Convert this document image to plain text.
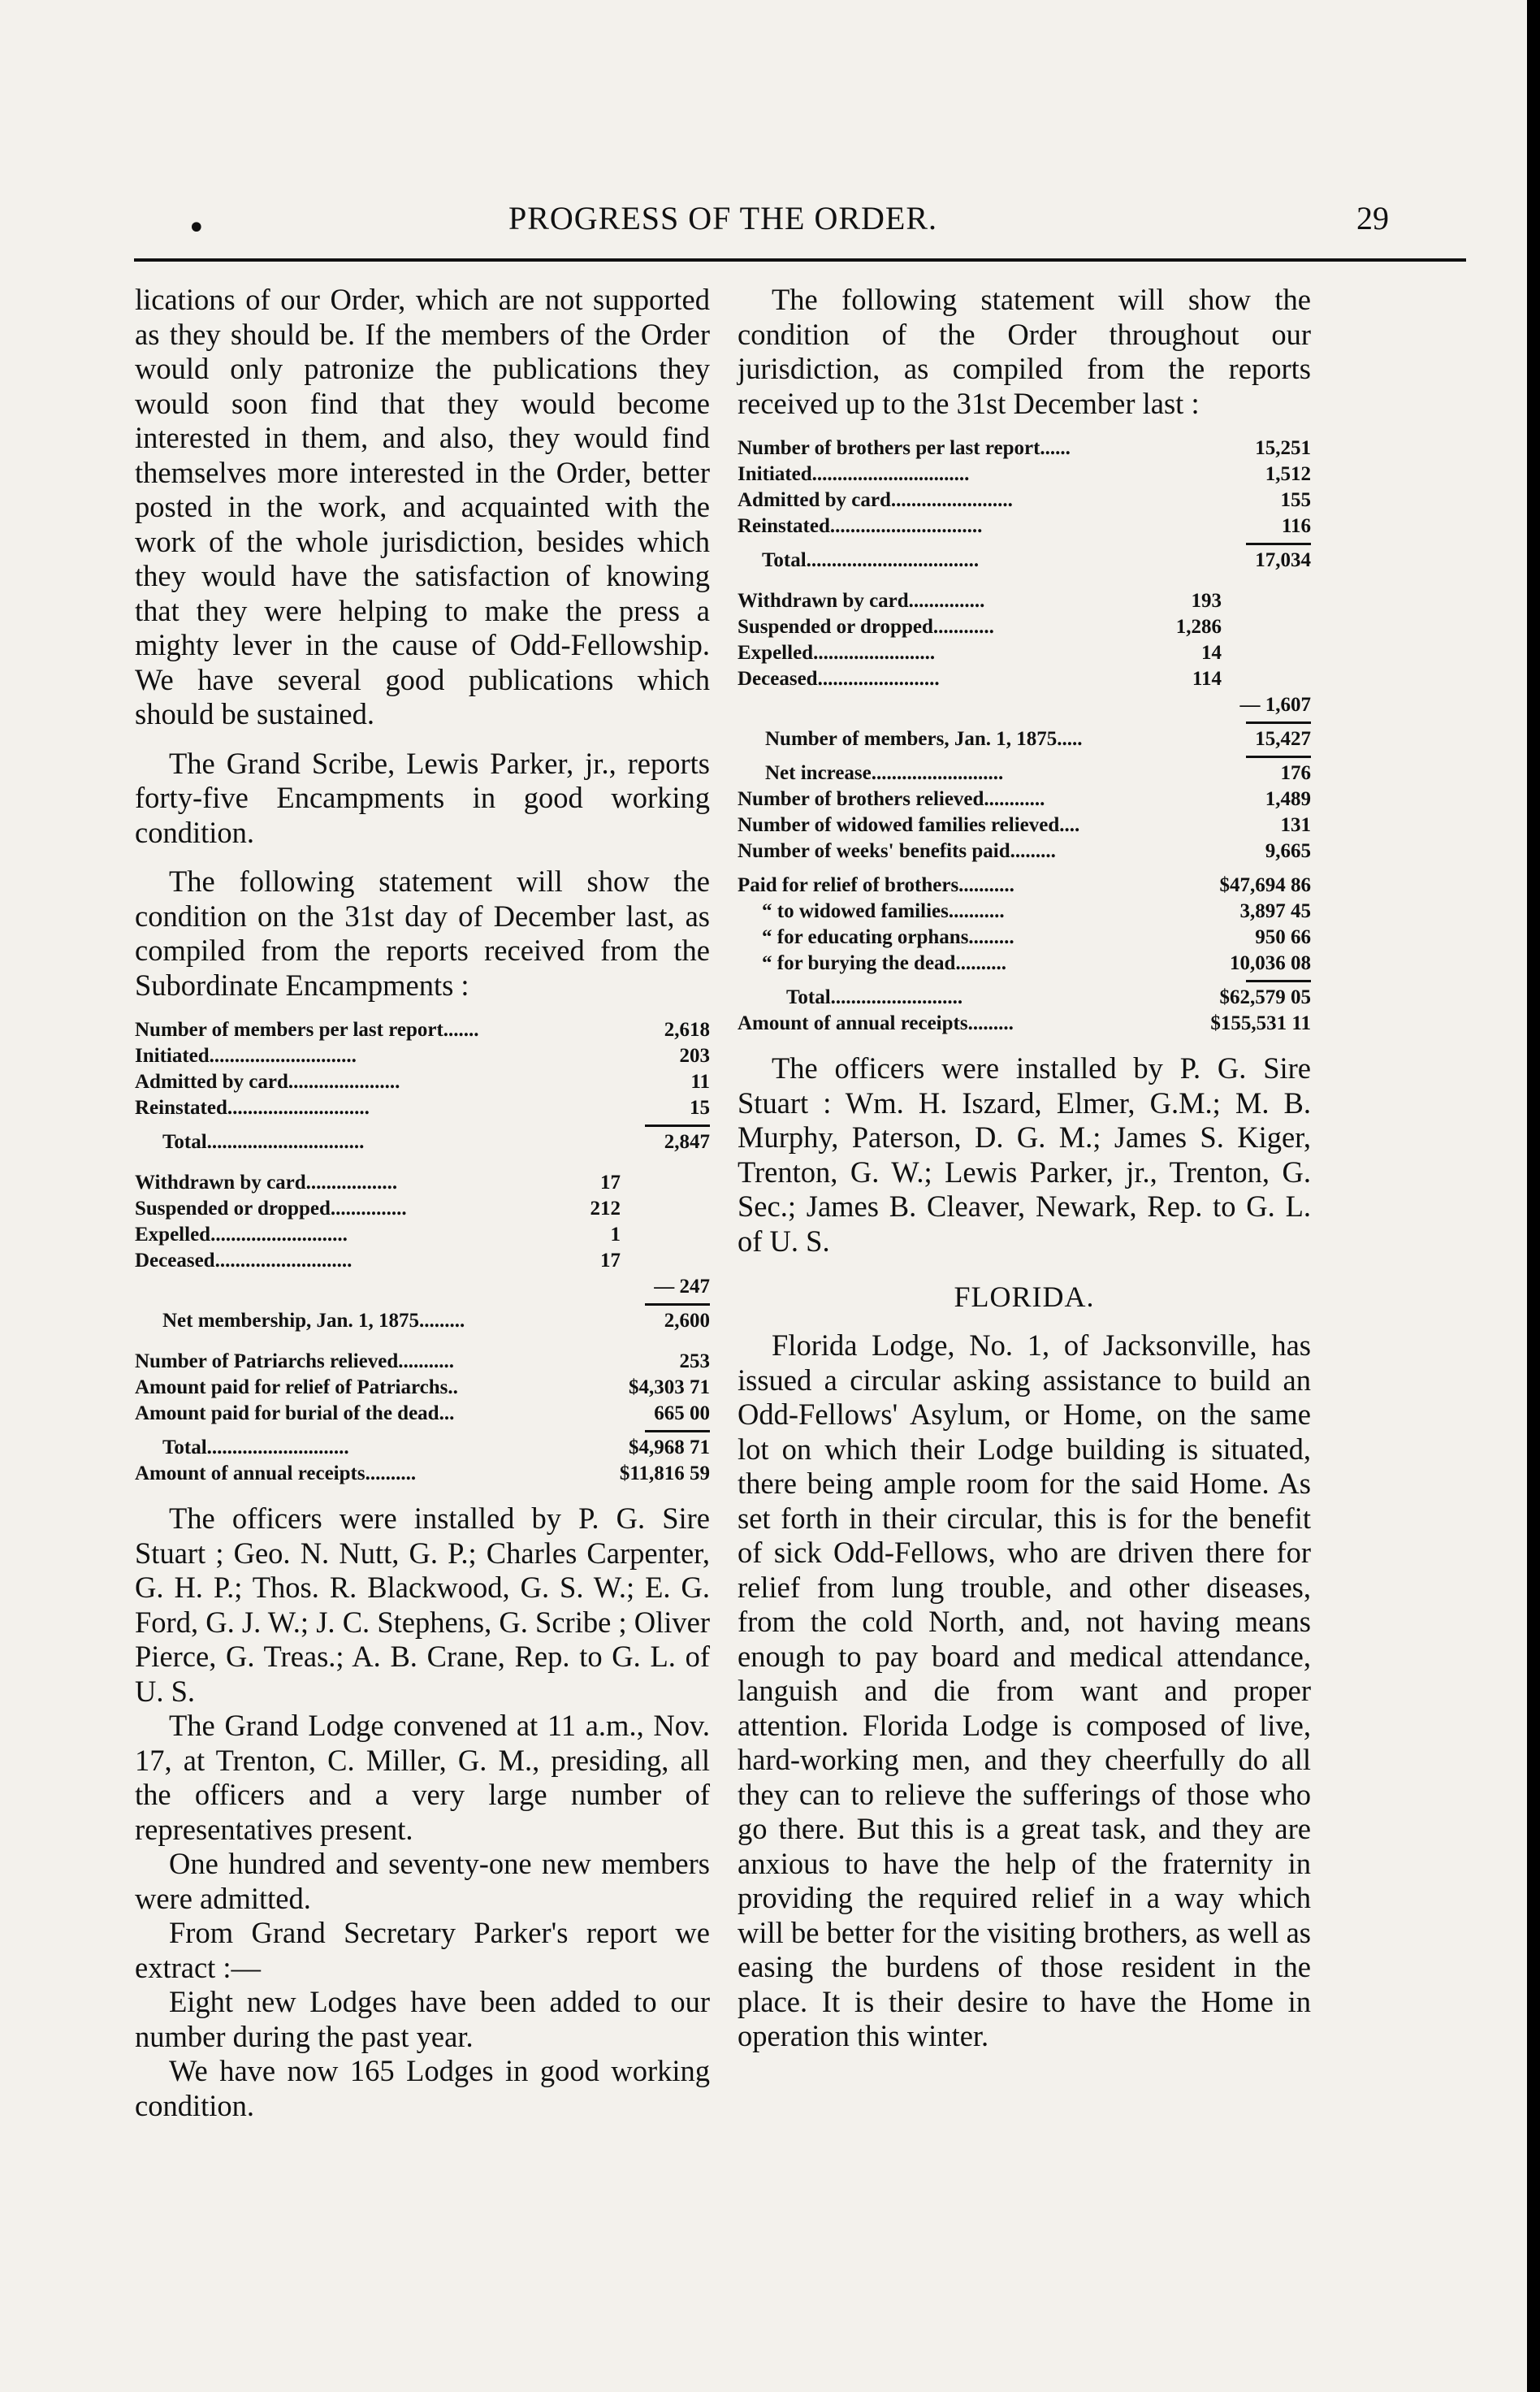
•	PROGRESS OF THE ORDER.	29

lications of our Order, which are not supported as they should be. If the members of the Order would only patronize the publications they would soon find that they would become interested in them, and also, they would find themselves more interested in the Order, better posted in the work, and acquainted with the work of the whole jurisdiction, besides which they would have the satisfaction of knowing that they were helping to make the press a mighty lever in the cause of Odd-Fellowship. We have several good publications which should be sustained.

The Grand Scribe, Lewis Parker, jr., reports forty-five Encampments in good working condition.

The following statement will show the condition on the 31st day of December last, as compiled from the reports received from the Subordinate Encampments :

Number of members per last report.......	2,618
Initiated.............................	203
Admitted by card......................	11
Reinstated............................	15
Total...............................	2,847
Withdrawn by card..................	17	
Suspended or dropped...............	212	
Expelled...........................	1	
Deceased...........................	17	
		— 247
Net membership, Jan. 1, 1875.........	2,600
Number of Patriarchs relieved...........	253
Amount paid for relief of Patriarchs..	$4,303 71
Amount paid for burial of the dead...	665 00
Total............................	$4,968 71
Amount of annual receipts..........	$11,816 59

The officers were installed by P. G. Sire Stuart ; Geo. N. Nutt, G. P.; Charles Carpenter, G. H. P.; Thos. R. Blackwood, G. S. W.; E. G. Ford, G. J. W.; J. C. Stephens, G. Scribe ; Oliver Pierce, G. Treas.; A. B. Crane, Rep. to G. L. of U. S.

The Grand Lodge convened at 11 a.m., Nov. 17, at Trenton, C. Miller, G. M., presiding, all the officers and a very large number of representatives present.

One hundred and seventy-one new members were admitted.

From Grand Secretary Parker's report we extract :—

Eight new Lodges have been added to our number during the past year.

We have now 165 Lodges in good working condition.

The following statement will show the condition of the Order throughout our jurisdiction, as compiled from the reports received up to the 31st December last :

Number of brothers per last report......	15,251
Initiated...............................	1,512
Admitted by card........................	155
Reinstated..............................	116
Total..................................	17,034
Withdrawn by card...............	193	
Suspended or dropped............	1,286	
Expelled........................	14	
Deceased........................	114	
		— 1,607
Number of members, Jan. 1, 1875.....	15,427
Net increase..........................	176
Number of brothers relieved............	1,489
Number of widowed families relieved....	131
Number of weeks' benefits paid.........	9,665
Paid for relief of brothers...........	$47,694 86
“ to widowed families...........	3,897 45
“ for educating orphans.........	950 66
“ for burying the dead..........	10,036 08
Total..........................	$62,579 05
Amount of annual receipts.........	$155,531 11

The officers were installed by P. G. Sire Stuart : Wm. H. Iszard, Elmer, G.M.; M. B. Murphy, Paterson, D. G. M.; James S. Kiger, Trenton, G. W.; Lewis Parker, jr., Trenton, G. Sec.; James B. Cleaver, Newark, Rep. to G. L. of U. S.

FLORIDA.

Florida Lodge, No. 1, of Jacksonville, has issued a circular asking assistance to build an Odd-Fellows' Asylum, or Home, on the same lot on which their Lodge building is situated, there being ample room for the said Home. As set forth in their circular, this is for the benefit of sick Odd-Fellows, who are driven there for relief from lung trouble, and other diseases, from the cold North, and, not having means enough to pay board and medical attendance, languish and die from want and proper attention. Florida Lodge is composed of live, hard-working men, and they cheerfully do all they can to relieve the sufferings of those who go there. But this is a great task, and they are anxious to have the help of the fraternity in providing the required relief in a way which will be better for the visiting brothers, as well as easing the burdens of those resident in the place. It is their desire to have the Home in operation this winter.
